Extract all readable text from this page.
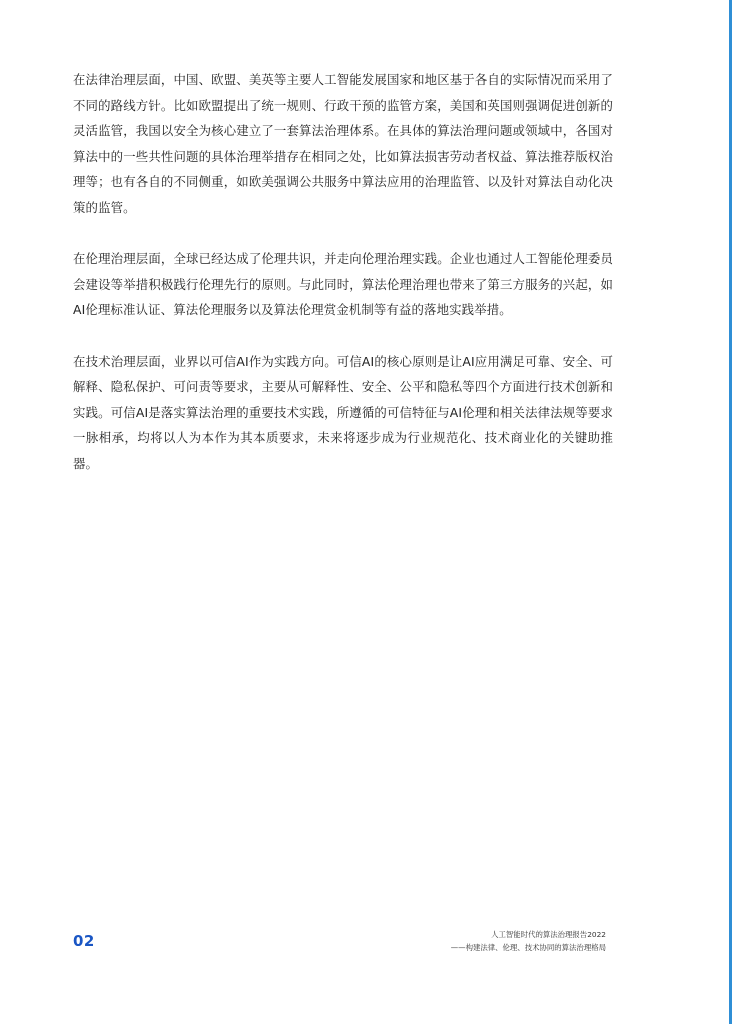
在法律治理层面，中国、欧盟、美英等主要人工智能发展国家和地区基于各自的实际情况而采用了不同的路线方针。比如欧盟提出了统一规则、行政干预的监管方案，美国和英国则强调促进创新的灵活监管，我国以安全为核心建立了一套算法治理体系。在具体的算法治理问题或领域中，各国对算法中的一些共性问题的具体治理举措存在相同之处，比如算法损害劳动者权益、算法推荐版权治理等；也有各自的不同侧重，如欧美强调公共服务中算法应用的治理监管、以及针对算法自动化决策的监管。

在伦理治理层面，全球已经达成了伦理共识，并走向伦理治理实践。企业也通过人工智能伦理委员会建设等举措积极践行伦理先行的原则。与此同时，算法伦理治理也带来了第三方服务的兴起，如AI伦理标准认证、算法伦理服务以及算法伦理赏金机制等有益的落地实践举措。

在技术治理层面，业界以可信AI作为实践方向。可信AI的核心原则是让AI应用满足可靠、安全、可解释、隐私保护、可问责等要求，主要从可解释性、安全、公平和隐私等四个方面进行技术创新和实践。可信AI是落实算法治理的重要技术实践，所遵循的可信特征与AI伦理和相关法律法规等要求一脉相承，均将以人为本作为其本质要求，未来将逐步成为行业规范化、技术商业化的关键助推器。

02	人工智能时代的算法治理报告2022
——构建法律、伦理、技术协同的算法治理格局
